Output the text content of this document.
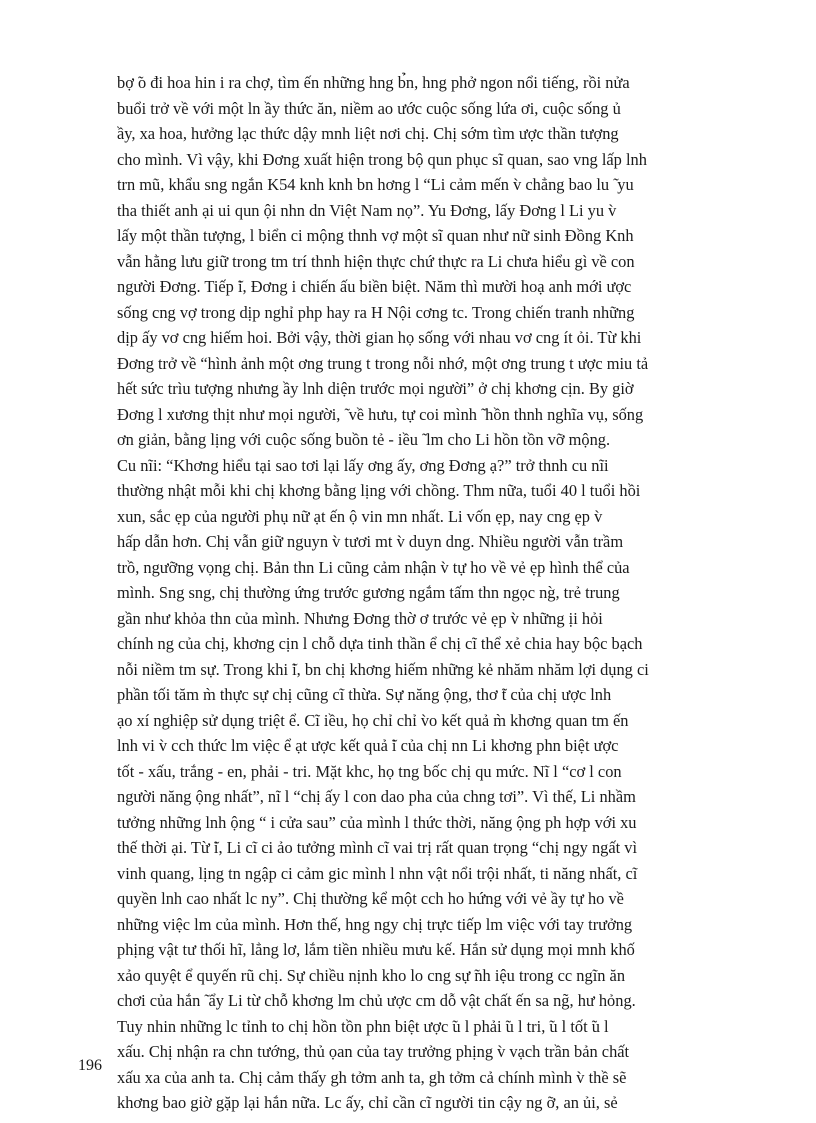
bợ ̃o đi hoa hin i ra chợ, tìm ến những hng b̉n, hng phở ngon nổi tiếng, rồi nửa
buổi trở về với một ln ầy thức ăn, niềm ao ước cuộc sống lứa ơi, cuộc sống ủ
ầy, xa hoa, hưởng lạc thức dậy mnh liệt nơi chị. Chị sớm tìm ược thần tượng
cho mình. Vì vậy, khi Đơng xuất hiện trong bộ qun phục sĩ quan, sao vng lấp lnh
trn mũ, khẩu sng ngắn K54 knh knh bn hơng l “Li cảm mến v̀ chẳng bao lu ̃ yu
tha thiết anh ại ui qun ội nhn dn Việt Nam nọ”. Yu Đơng, lấy Đơng l Li yu v̀
lấy một thần tượng, l biển ci mộng thnh vợ một sĩ quan như nữ sinh Đồng Knh
vẫn hằng lưu giữ trong tm trí thnh hiện thực chứ thực ra Li chưa hiểu gì về con
người Đơng. Tiếp ̃i, Đơng i chiến ấu biền biệt. Năm thì mười hoạ anh mới ược
sống cng vợ trong dịp nghỉ php hay ra H Nội cơng tc. Trong chiến tranh những
dịp ấy vơ cng hiếm hoi. Bởi vậy, thời gian họ sống với nhau vơ cng ít ỏi. Từ khi
Đơng trở về “hình ảnh một ơng trung t trong nỗi nhớ, một ơng trung t ược miu tả
hết sức trìu tượng nhưng ầy lnh diện trước mọi người” ở chị khơng cịn. By giờ
Đơng l xương thịt như mọi người, ̃ về hưu, tự coi mình ̃ hồn thnh nghĩa vụ, sống
ơn giản, bằng lịng với cuộc sống buồn tẻ - iều ̃ lm cho Li hồn tồn vỡ mộng.
Cu nĩi: “Khơng hiểu tại sao tơi lại lấy ơng ấy, ơng Đơng ạ?” trở thnh cu nĩi
thường nhật mỗi khi chị khơng bằng lịng với chồng. Thm nữa, tuổi 40 l tuổi hồi
xun, sắc ẹp của người phụ nữ ạt ến ộ vin mn nhất. Li vốn ẹp, nay cng ẹp v̀
hấp dẫn hơn. Chị vẫn giữ nguyn v̀ tươi mt v̀ duyn dng. Nhiều người vẫn trầm
trồ, ngưỡng vọng chị. Bản thn Li cũng cảm nhận v̀ tự ho về vẻ ẹp hình thể của
mình. Sng sng, chị thường ứng trước gương ngắm tấm thn ngọc ng̀, trẻ trung
gần như khỏa thn của mình. Nhưng Đơng thờ ơ trước vẻ ẹp v̀ những ịi hỏi
chính ng của chị, khơng cịn l chỗ dựa tinh thần ể chị cĩ thể xẻ chia hay bộc bạch
nỗi niềm tm sự. Trong khi ̃i, bn chị khơng hiếm những kẻ nhăm nhăm lợi dụng ci
phần tối tăm m̀ thực sự chị cũng cĩ thừa. Sự năng ộng, thơ ̃t của chị ược lnh
ạo xí nghiệp sử dụng triệt ể. Cĩ iều, họ chỉ chỉ v̀o kết quả m̀ khơng quan tm ến
lnh vi v̀ cch thức lm việc ể ạt ược kết quả ̃i của chị nn Li khơng phn biệt ược
tốt - xấu, trắng - en, phải - tri. Mặt khc, họ tng bốc chị qu mức. Nĩ l “cơ l con
người năng ộng nhất”, nĩ l “chị ấy l con dao pha của chng tơi”. Vì thế, Li nhầm
tưởng những lnh ộng “ i cửa sau” của mình l thức thời, năng ộng ph hợp với xu
thế thời ại. Từ ̃i, Li cĩ ci ảo tưởng mình cĩ vai trị rất quan trọng “chị ngy ngất vì
vinh quang, lịng tn ngập ci cảm gic mình l nhn vật nổi trội nhất, ti năng nhất, cĩ
quyền lnh cao nhất lc ny”. Chị thường kể một cch ho hứng với vẻ ầy tự ho về
những việc lm của mình. Hơn thế, hng ngy chị trực tiếp lm việc với tay trưởng
phịng vật tư thối hĩ, lẳng lơ, lắm tiền nhiều mưu kế. Hắn sử dụng mọi mnh khố
xảo quyệt ể quyến rũ chị. Sự chiều nịnh kho lo cng sự ̃nh iệu trong cc ngĩn ăn
chơi của hắn ̃ ẩy Li từ chỗ khơng lm chủ ược cm dỗ vật chất ến sa ng̃, hư hỏng.
Tuy nhin những lc tỉnh to chị hồn tồn phn biệt ược ̃u l phải ̃u l tri, ̃u l tốt ̃u l
xấu. Chị nhận ra chn tướng, thủ ọan của tay trưởng phịng v̀ vạch trần bản chất
xấu xa của anh ta. Chị cảm thấy gh tởm anh ta, gh tởm cả chính mình v̀ thề sẽ
khơng bao giờ gặp lại hắn nữa. Lc ấy, chỉ cần cĩ người tin cậy ng ỡ, an ủi, sẻ
196
